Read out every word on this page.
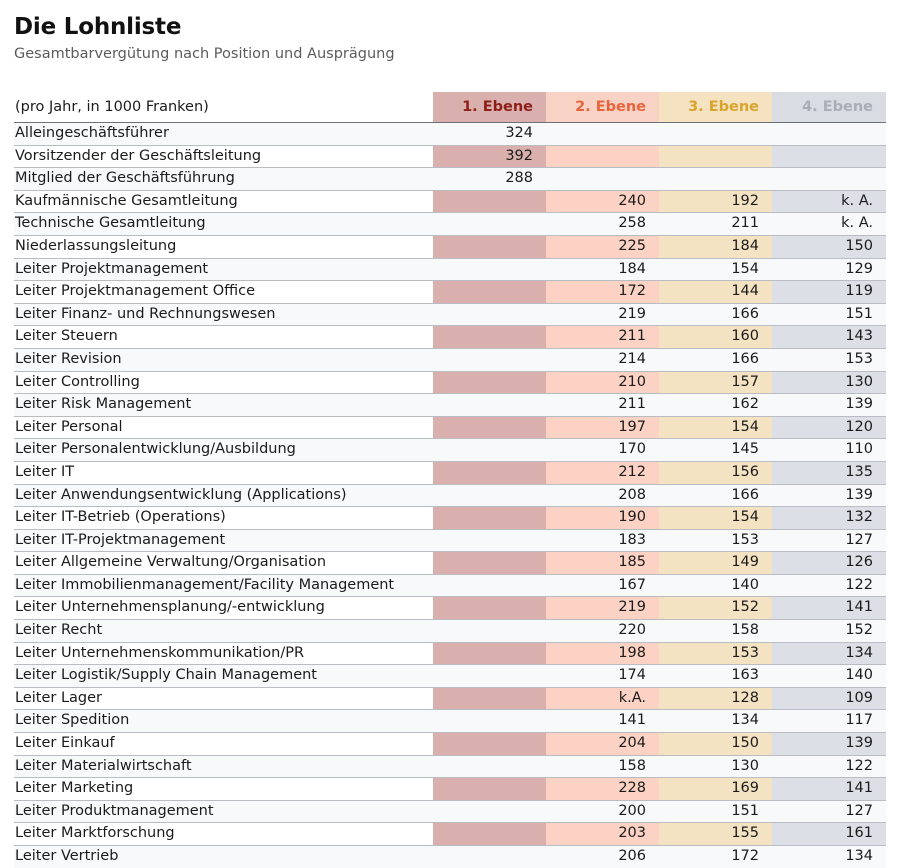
Die Lohnliste

Gesamtbarvergütung nach Position und Ausprägung

(pro Jahr, in 1000 Franken)	1. Ebene	2. Ebene	3. Ebene	4. Ebene
Alleingeschäftsführer	324			
Vorsitzender der Geschäftsleitung	392			
Mitglied der Geschäftsführung	288			
Kaufmännische Gesamtleitung		240	192	k. A.
Technische Gesamtleitung		258	211	k. A.
Niederlassungsleitung		225	184	150
Leiter Projektmanagement		184	154	129
Leiter Projektmanagement Office		172	144	119
Leiter Finanz- und Rechnungswesen		219	166	151
Leiter Steuern		211	160	143
Leiter Revision		214	166	153
Leiter Controlling		210	157	130
Leiter Risk Management		211	162	139
Leiter Personal		197	154	120
Leiter Personalentwicklung/Ausbildung		170	145	110
Leiter IT		212	156	135
Leiter Anwendungsentwicklung (Applications)		208	166	139
Leiter IT-Betrieb (Operations)		190	154	132
Leiter IT-Projektmanagement		183	153	127
Leiter Allgemeine Verwaltung/Organisation		185	149	126
Leiter Immobilienmanagement/Facility Management		167	140	122
Leiter Unternehmensplanung/-entwicklung		219	152	141
Leiter Recht		220	158	152
Leiter Unternehmenskommunikation/PR		198	153	134
Leiter Logistik/Supply Chain Management		174	163	140
Leiter Lager		k.A.	128	109
Leiter Spedition		141	134	117
Leiter Einkauf		204	150	139
Leiter Materialwirtschaft		158	130	122
Leiter Marketing		228	169	141
Leiter Produktmanagement		200	151	127
Leiter Marktforschung		203	155	161
Leiter Vertrieb		206	172	134
